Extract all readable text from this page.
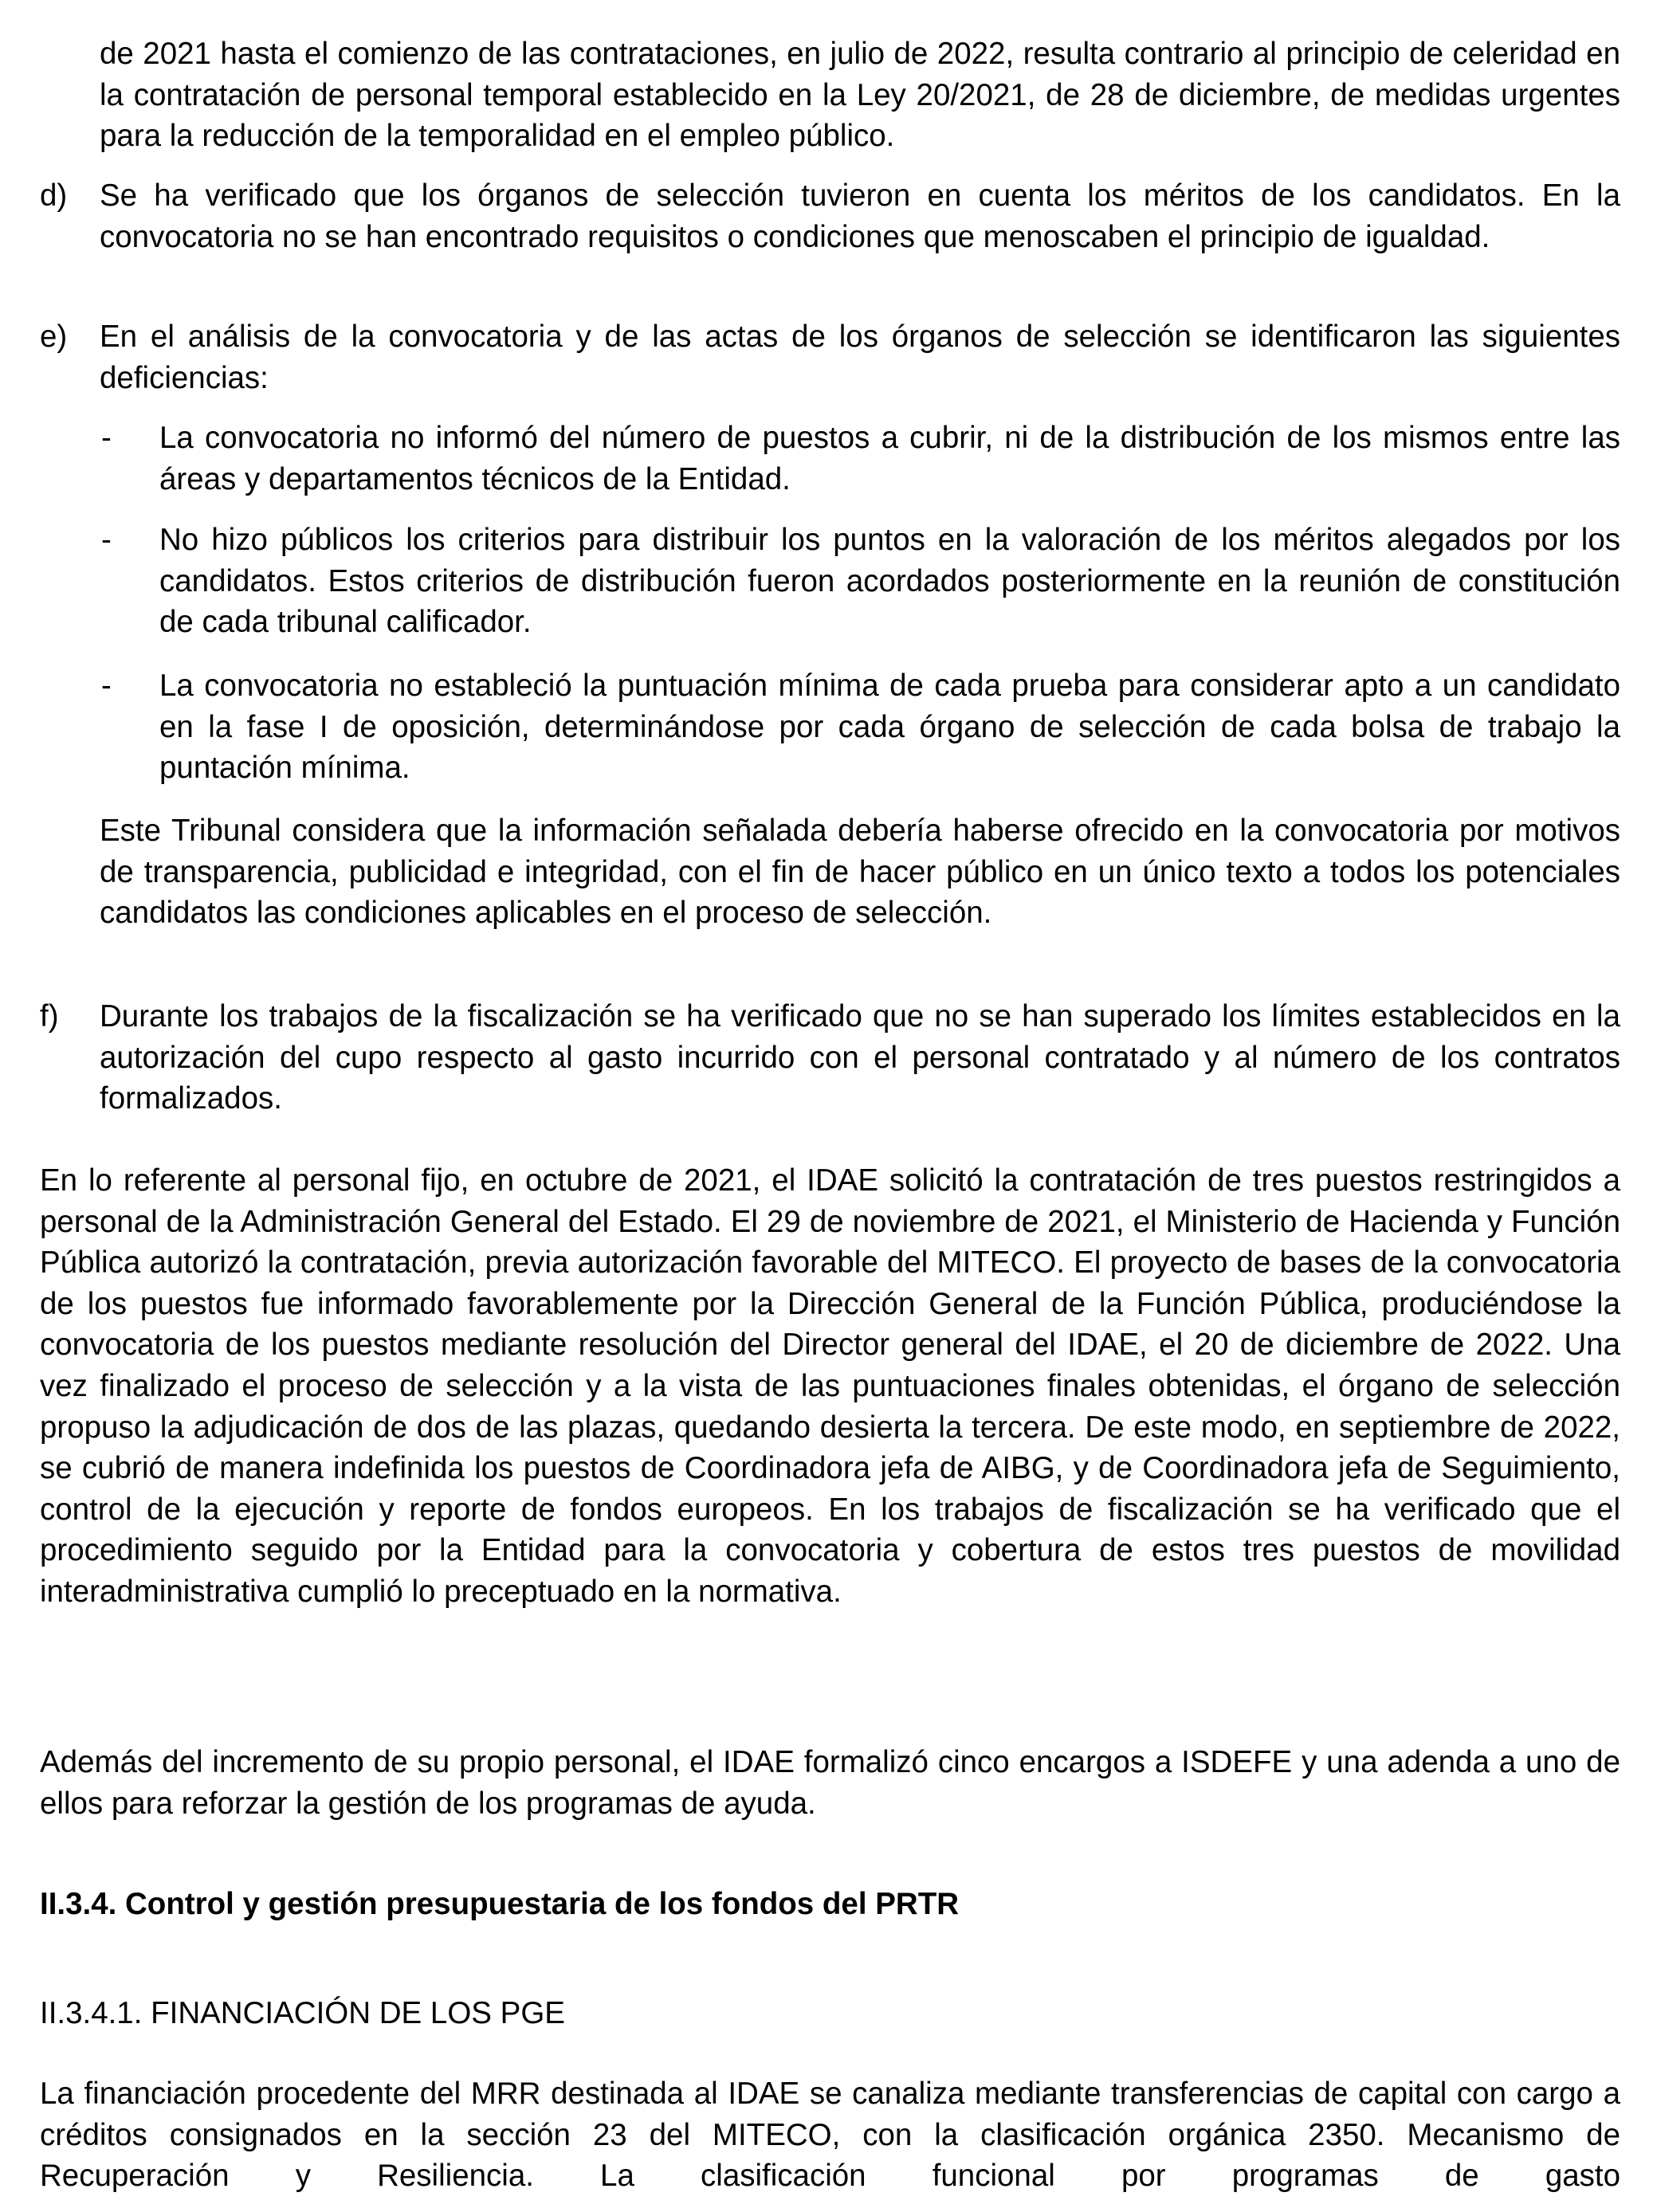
de 2021 hasta el comienzo de las contrataciones, en julio de 2022, resulta contrario al principio de celeridad en la contratación de personal temporal establecido en la Ley 20/2021, de 28 de diciembre, de medidas urgentes para la reducción de la temporalidad en el empleo público.

d) Se ha verificado que los órganos de selección tuvieron en cuenta los méritos de los candidatos. En la convocatoria no se han encontrado requisitos o condiciones que menoscaben el principio de igualdad.

e) En el análisis de la convocatoria y de las actas de los órganos de selección se identificaron las siguientes deficiencias:

- La convocatoria no informó del número de puestos a cubrir, ni de la distribución de los mismos entre las áreas y departamentos técnicos de la Entidad.

- No hizo públicos los criterios para distribuir los puntos en la valoración de los méritos alegados por los candidatos. Estos criterios de distribución fueron acordados posteriormente en la reunión de constitución de cada tribunal calificador.

- La convocatoria no estableció la puntuación mínima de cada prueba para considerar apto a un candidato en la fase I de oposición, determinándose por cada órgano de selección de cada bolsa de trabajo la puntación mínima.

Este Tribunal considera que la información señalada debería haberse ofrecido en la convocatoria por motivos de transparencia, publicidad e integridad, con el fin de hacer público en un único texto a todos los potenciales candidatos las condiciones aplicables en el proceso de selección.

f) Durante los trabajos de la fiscalización se ha verificado que no se han superado los límites establecidos en la autorización del cupo respecto al gasto incurrido con el personal contratado y al número de los contratos formalizados.

En lo referente al personal fijo, en octubre de 2021, el IDAE solicitó la contratación de tres puestos restringidos a personal de la Administración General del Estado. El 29 de noviembre de 2021, el Ministerio de Hacienda y Función Pública autorizó la contratación, previa autorización favorable del MITECO. El proyecto de bases de la convocatoria de los puestos fue informado favorablemente por la Dirección General de la Función Pública, produciéndose la convocatoria de los puestos mediante resolución del Director general del IDAE, el 20 de diciembre de 2022. Una vez finalizado el proceso de selección y a la vista de las puntuaciones finales obtenidas, el órgano de selección propuso la adjudicación de dos de las plazas, quedando desierta la tercera. De este modo, en septiembre de 2022, se cubrió de manera indefinida los puestos de Coordinadora jefa de AIBG, y de Coordinadora jefa de Seguimiento, control de la ejecución y reporte de fondos europeos. En los trabajos de fiscalización se ha verificado que el procedimiento seguido por la Entidad para la convocatoria y cobertura de estos tres puestos de movilidad interadministrativa cumplió lo preceptuado en la normativa.

Además del incremento de su propio personal, el IDAE formalizó cinco encargos a ISDEFE y una adenda a uno de ellos para reforzar la gestión de los programas de ayuda.

II.3.4. Control y gestión presupuestaria de los fondos del PRTR
II.3.4.1. FINANCIACIÓN DE LOS PGE

La financiación procedente del MRR destinada al IDAE se canaliza mediante transferencias de capital con cargo a créditos consignados en la sección 23 del MITECO, con la clasificación orgánica 2350. Mecanismo de Recuperación y Resiliencia. La clasificación funcional por programas de gasto
